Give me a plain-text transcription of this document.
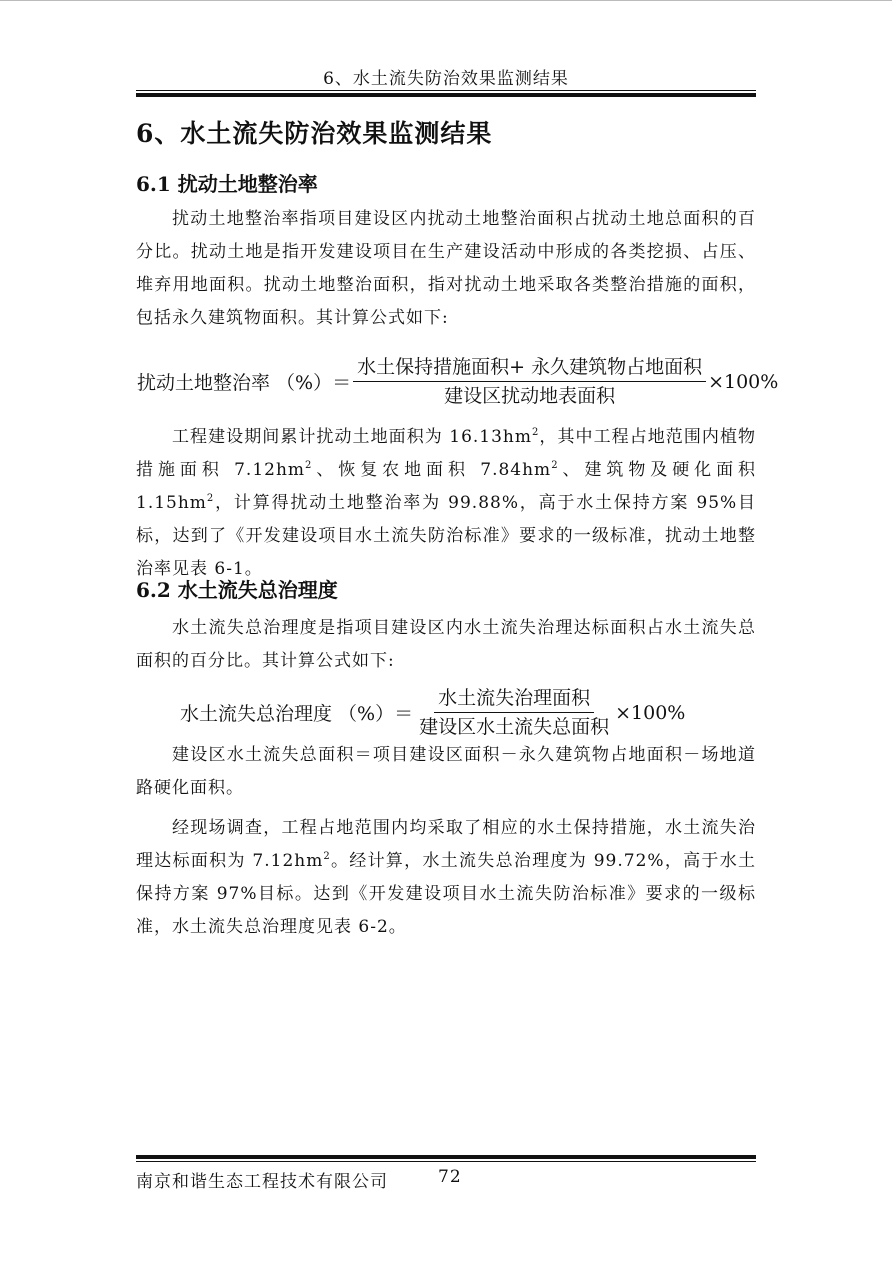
6、水土流失防治效果监测结果
6、水土流失防治效果监测结果
6.1 扰动土地整治率
扰动土地整治率指项目建设区内扰动土地整治面积占扰动土地总面积的百分比。扰动土地是指开发建设项目在生产建设活动中形成的各类挖损、占压、堆弃用地面积。扰动土地整治面积，指对扰动土地采取各类整治措施的面积，包括永久建筑物面积。其计算公式如下:
扰动土地整治率 （%）＝ $\frac{\text{水土保持措施面积+ 永久建筑物占地面积}}{\text{建设区扰动地表面积}} \times 100\%$
工程建设期间累计扰动土地面积为 $16.13hm^2$，其中工程占地范围内植物措施面积 $7.12hm^2$、恢复农地面积 $7.84hm^2$、建筑物及硬化面积 $1.15hm^2$，计算得扰动土地整治率为 99.88%，高于水土保持方案 95%目标，达到了《开发建设项目水土流失防治标准》要求的一级标准，扰动土地整治率见表 6-1。
6.2 水土流失总治理度
水土流失总治理度是指项目建设区内水土流失治理达标面积占水土流失总面积的百分比。其计算公式如下:
水土流失总治理度 （%）＝ $\frac{\text{水土流失治理面积}}{\text{建设区水土流失总面积}} \times 100\%$
建设区水土流失总面积＝项目建设区面积－永久建筑物占地面积－场地道路硬化面积。
经现场调查，工程占地范围内均采取了相应的水土保持措施，水土流失治理达标面积为 $7.12hm^2$。经计算，水土流失总治理度为 99.72%，高于水土保持方案 97%目标。达到《开发建设项目水土流失防治标准》要求的一级标准，水土流失总治理度见表 6-2。
南京和谐生态工程技术有限公司	72
